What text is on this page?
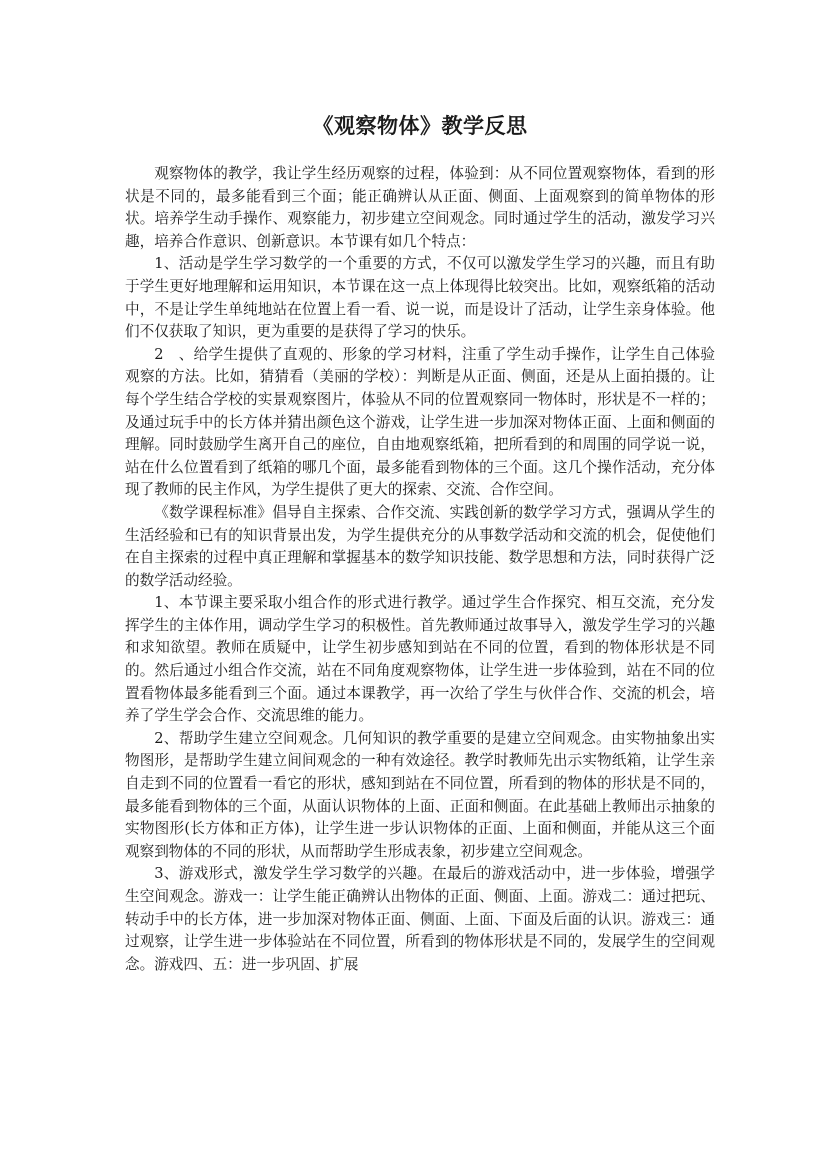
《观察物体》教学反思

观察物体的教学，我让学生经历观察的过程，体验到：从不同位置观察物体，看到的形状是不同的，最多能看到三个面；能正确辨认从正面、侧面、上面观察到的简单物体的形状。培养学生动手操作、观察能力，初步建立空间观念。同时通过学生的活动，激发学习兴趣，培养合作意识、创新意识。本节课有如几个特点：

1、活动是学生学习数学的一个重要的方式，不仅可以激发学生学习的兴趣，而且有助于学生更好地理解和运用知识，本节课在这一点上体现得比较突出。比如，观察纸箱的活动中，不是让学生单纯地站在位置上看一看、说一说，而是设计了活动，让学生亲身体验。他们不仅获取了知识，更为重要的是获得了学习的快乐。

2　、给学生提供了直观的、形象的学习材料，注重了学生动手操作，让学生自己体验观察的方法。比如，猜猜看（美丽的学校）：判断是从正面、侧面，还是从上面拍摄的。让每个学生结合学校的实景观察图片，体验从不同的位置观察同一物体时，形状是不一样的；及通过玩手中的长方体并猜出颜色这个游戏，让学生进一步加深对物体正面、上面和侧面的理解。同时鼓励学生离开自己的座位，自由地观察纸箱，把所看到的和周围的同学说一说，站在什么位置看到了纸箱的哪几个面，最多能看到物体的三个面。这几个操作活动，充分体现了教师的民主作风，为学生提供了更大的探索、交流、合作空间。

《数学课程标准》倡导自主探索、合作交流、实践创新的数学学习方式，强调从学生的生活经验和已有的知识背景出发，为学生提供充分的从事数学活动和交流的机会，促使他们在自主探索的过程中真正理解和掌握基本的数学知识技能、数学思想和方法，同时获得广泛的数学活动经验。

1、本节课主要采取小组合作的形式进行教学。通过学生合作探究、相互交流，充分发挥学生的主体作用，调动学生学习的积极性。首先教师通过故事导入，激发学生学习的兴趣和求知欲望。教师在质疑中，让学生初步感知到站在不同的位置，看到的物体形状是不同的。然后通过小组合作交流，站在不同角度观察物体，让学生进一步体验到，站在不同的位置看物体最多能看到三个面。通过本课教学，再一次给了学生与伙伴合作、交流的机会，培养了学生学会合作、交流思维的能力。

2、帮助学生建立空间观念。几何知识的教学重要的是建立空间观念。由实物抽象出实物图形，是帮助学生建立间间观念的一种有效途径。教学时教师先出示实物纸箱，让学生亲自走到不同的位置看一看它的形状，感知到站在不同位置，所看到的物体的形状是不同的，最多能看到物体的三个面，从面认识物体的上面、正面和侧面。在此基础上教师出示抽象的实物图形(长方体和正方体)，让学生进一步认识物体的正面、上面和侧面，并能从这三个面观察到物体的不同的形状，从而帮助学生形成表象，初步建立空间观念。

3、游戏形式，激发学生学习数学的兴趣。在最后的游戏活动中，进一步体验，增强学生空间观念。游戏一：让学生能正确辨认出物体的正面、侧面、上面。游戏二：通过把玩、转动手中的长方体，进一步加深对物体正面、侧面、上面、下面及后面的认识。游戏三：通过观察，让学生进一步体验站在不同位置，所看到的物体形状是不同的，发展学生的空间观念。游戏四、五：进一步巩固、扩展
